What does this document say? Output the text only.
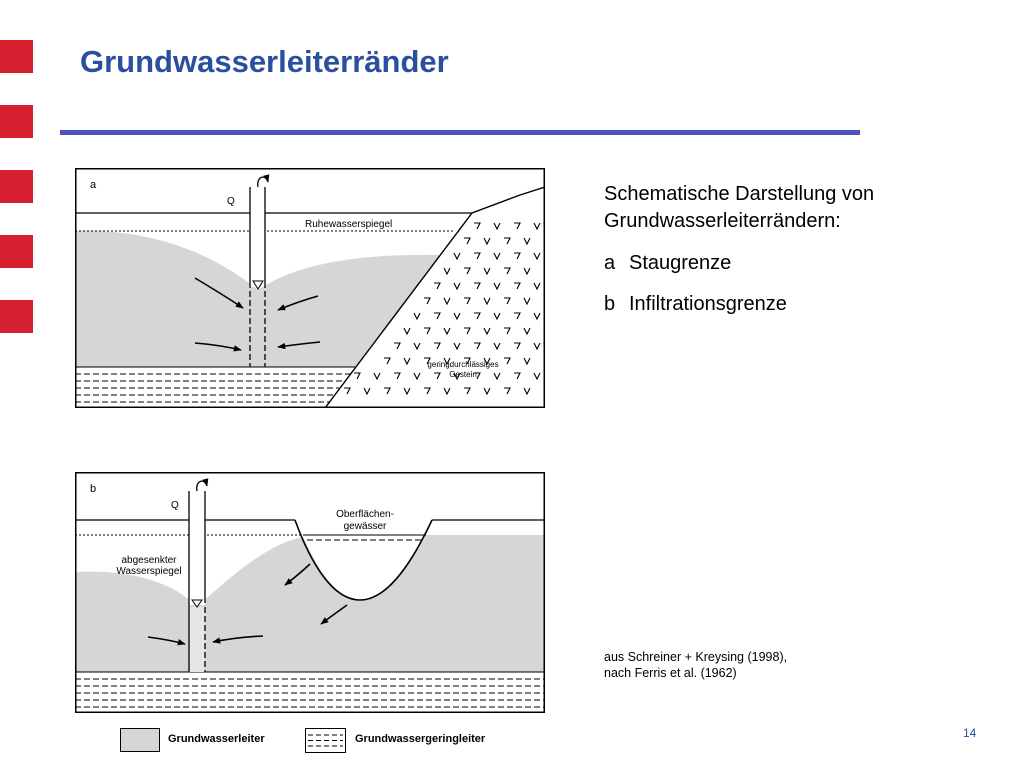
Grundwasserleiterränder
a
Q
Ruhewasserspiegel
geringdurchlässiges
Gestein
b
Q
Oberflächen-
gewässer
abgesenkter
Wasserspiegel
Grundwasserleiter	Grundwassergeringleiter
Schematische Darstellung von
Grundwasserleiterrändern:
a Staugrenze
b Infiltrationsgrenze
aus Schreiner + Kreysing (1998),
nach Ferris et al. (1962)
14
